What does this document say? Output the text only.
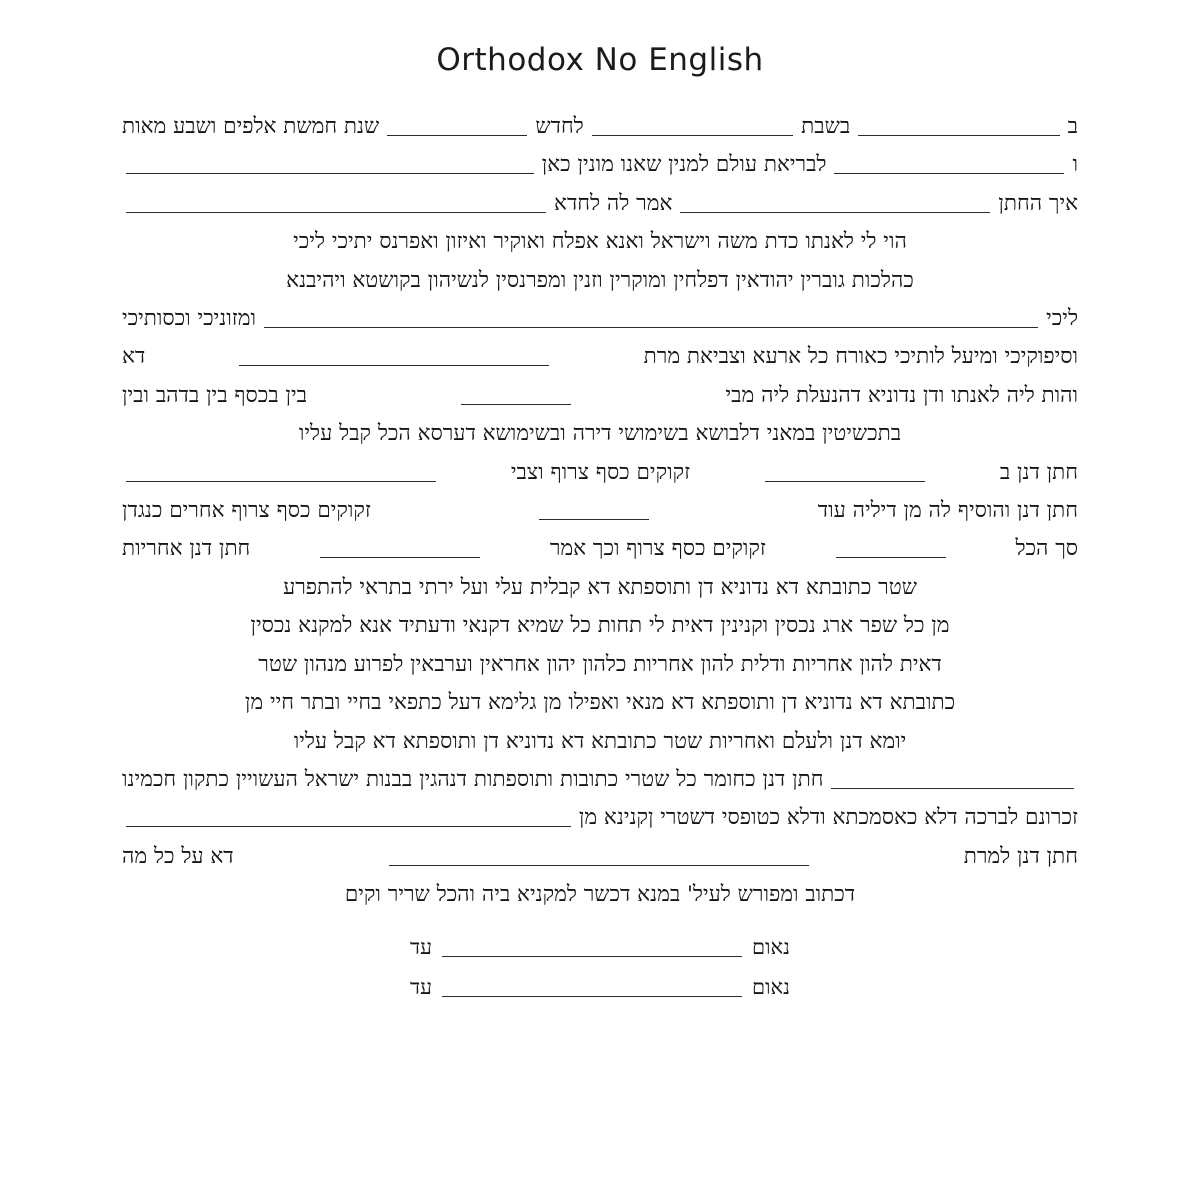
Orthodox No English
ב
בשבת
לחדש
שנת חמשת אלפים ושבע מאות
ו
לבריאת עולם למנין שאנו מונין כאן
איך החתן
אמר לה לחדא
הוי לי לאנתו כדת משה וישראל ואנא אפלח ואוקיר ואיזון ואפרנס יתיכי ליכי
כהלכות גוברין יהודאין דפלחין ומוקרין וזנין ומפרנסין לנשיהון בקושטא ויהיבנא
ליכי
ומזוניכי וכסותיכי
וסיפוקיכי ומיעל לותיכי כאורח כל ארעא וצביאת מרת
דא
והות ליה לאנתו ודן נדוניא דהנעלת ליה מבי
בין בכסף בין בדהב ובין
בתכשיטין במאני דלבושא בשימושי דירה ובשימושא דערסא הכל קבל עליו
חתן דנן ב
זקוקים כסף צרוף וצבי
חתן דנן והוסיף לה מן דיליה עוד
זקוקים כסף צרוף אחרים כנגדן
סך הכל
זקוקים כסף צרוף וכך אמר
חתן דנן אחריות
שטר כתובתא דא נדוניא דן ותוספתא דא קבלית עלי ועל ירתי בתראי להתפרע
מן כל שפר ארג נכסין וקנינין דאית לי תחות כל שמיא דקנאי ודעתיד אנא למקנא נכסין
דאית להון אחריות ודלית להון אחריות כלהון יהון אחראין וערבאין לפרוע מנהון שטר
כתובתא דא נדוניא דן ותוספתא דא מנאי ואפילו מן גלימא דעל כתפאי בחיי ובתר חיי מן
יומא דנן ולעלם ואחריות שטר כתובתא דא נדוניא דן ותוספתא דא קבל עליו
חתן דנן כחומר כל שטרי כתובות ותוספתות דנהגין בבנות ישראל העשויין כתקון חכמינו
זכרונם לברכה דלא כאסמכתא ודלא כטופסי דשטרי ןקנינא מן
חתן דנן למרת
דא על כל מה
דכתוב ומפורש לעיל' במנא דכשר למקניא ביה והכל שריר וקים
נאום
עד
נאום
עד
